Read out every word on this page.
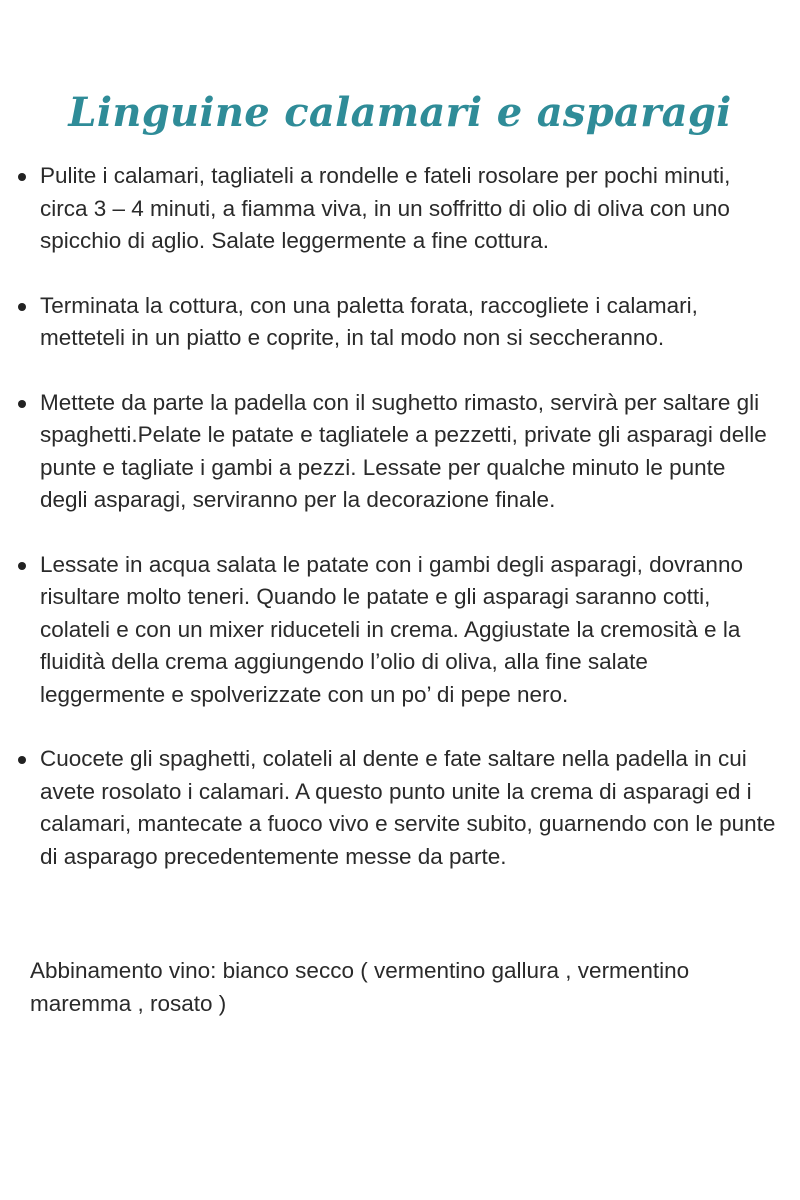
Linguine calamari e asparagi
Pulite i calamari, tagliateli a rondelle e fateli rosolare per pochi minuti, circa 3 – 4 minuti, a fiamma viva, in un soffritto di olio di oliva con uno spicchio di aglio. Salate leggermente a fine cottura.
Terminata la cottura, con una paletta forata, raccogliete i calamari, metteteli in un piatto e coprite, in tal modo non si seccheranno.
Mettete da parte la padella con il sughetto rimasto, servirà per saltare gli spaghetti.Pelate le patate e tagliatele a pezzetti, private gli asparagi delle punte e tagliate i gambi a pezzi. Lessate per qualche minuto le punte degli asparagi, serviranno per la decorazione finale.
Lessate in acqua salata le patate con i gambi degli asparagi, dovranno risultare molto teneri. Quando le patate e gli asparagi saranno cotti, colateli e con un mixer riduceteli in crema. Aggiustate la cremosità e la fluidità della crema aggiungendo l’olio di oliva, alla fine salate leggermente e spolverizzate con un po’ di pepe nero.
Cuocete gli spaghetti, colateli al dente e fate saltare nella padella in cui avete rosolato i calamari. A questo punto unite la crema di asparagi ed i calamari, mantecate a fuoco vivo e servite subito, guarnendo con le punte di asparago precedentemente messe da parte.

Abbinamento vino: bianco secco ( vermentino gallura , vermentino maremma , rosato )
